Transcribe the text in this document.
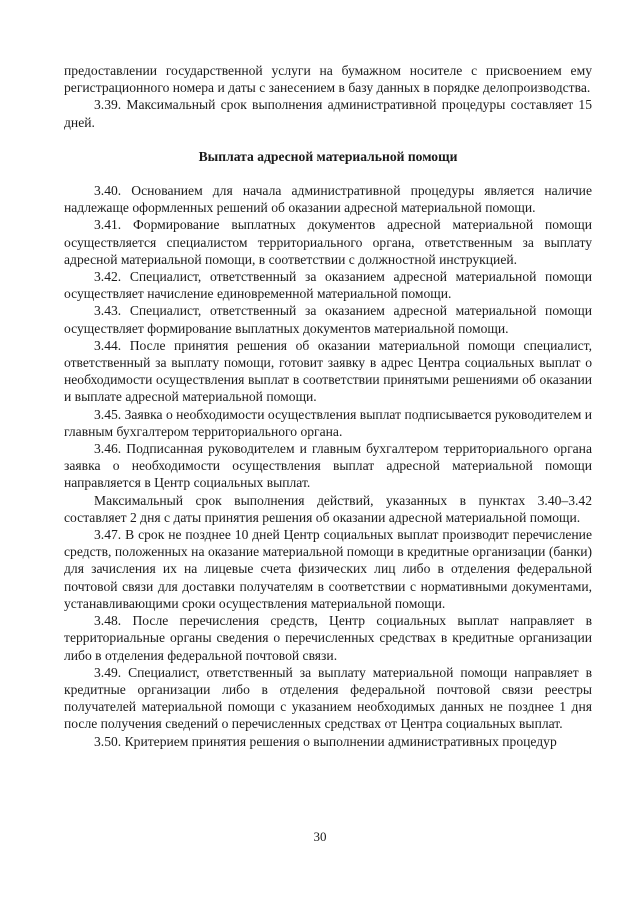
предоставлении государственной услуги на бумажном носителе с присвоением ему регистрационного номера и даты с занесением в базу данных в порядке делопроизводства.

3.39. Максимальный срок выполнения административной процедуры составляет 15 дней.

Выплата адресной материальной помощи

3.40. Основанием для начала административной процедуры является наличие надлежаще оформленных решений об оказании адресной материальной помощи.

3.41. Формирование выплатных документов адресной материальной помощи осуществляется специалистом территориального органа, ответственным за выплату адресной материальной помощи, в соответствии с должностной инструкцией.

3.42. Специалист, ответственный за оказанием адресной материальной помощи осуществляет начисление единовременной материальной помощи.

3.43. Специалист, ответственный за оказанием адресной материальной помощи осуществляет формирование выплатных документов материальной помощи.

3.44. После принятия решения об оказании материальной помощи специалист, ответственный за выплату помощи, готовит заявку в адрес Центра социальных выплат о необходимости осуществления выплат в соответствии принятыми решениями об оказании и выплате адресной материальной помощи.

3.45. Заявка о необходимости осуществления выплат подписывается руководителем и главным бухгалтером территориального органа.

3.46. Подписанная руководителем и главным бухгалтером территориального органа заявка о необходимости осуществления выплат адресной материальной помощи направляется в Центр социальных выплат.

Максимальный срок выполнения действий, указанных в пунктах 3.40–3.42 составляет 2 дня с даты принятия решения об оказании адресной материальной помощи.

3.47. В срок не позднее 10 дней Центр социальных выплат производит перечисление средств, положенных на оказание материальной помощи в кредитные организации (банки) для зачисления их на лицевые счета физических лиц либо в отделения федеральной почтовой связи для доставки получателям в соответствии с нормативными документами, устанавливающими сроки осуществления материальной помощи.

3.48. После перечисления средств, Центр социальных выплат направляет в территориальные органы сведения о перечисленных средствах в кредитные организации либо в отделения федеральной почтовой связи.

3.49. Специалист, ответственный за выплату материальной помощи направляет в кредитные организации либо в отделения федеральной почтовой связи реестры получателей материальной помощи с указанием необходимых данных не позднее 1 дня после получения сведений о перечисленных средствах от Центра социальных выплат.

3.50. Критерием принятия решения о выполнении административных процедур

30
